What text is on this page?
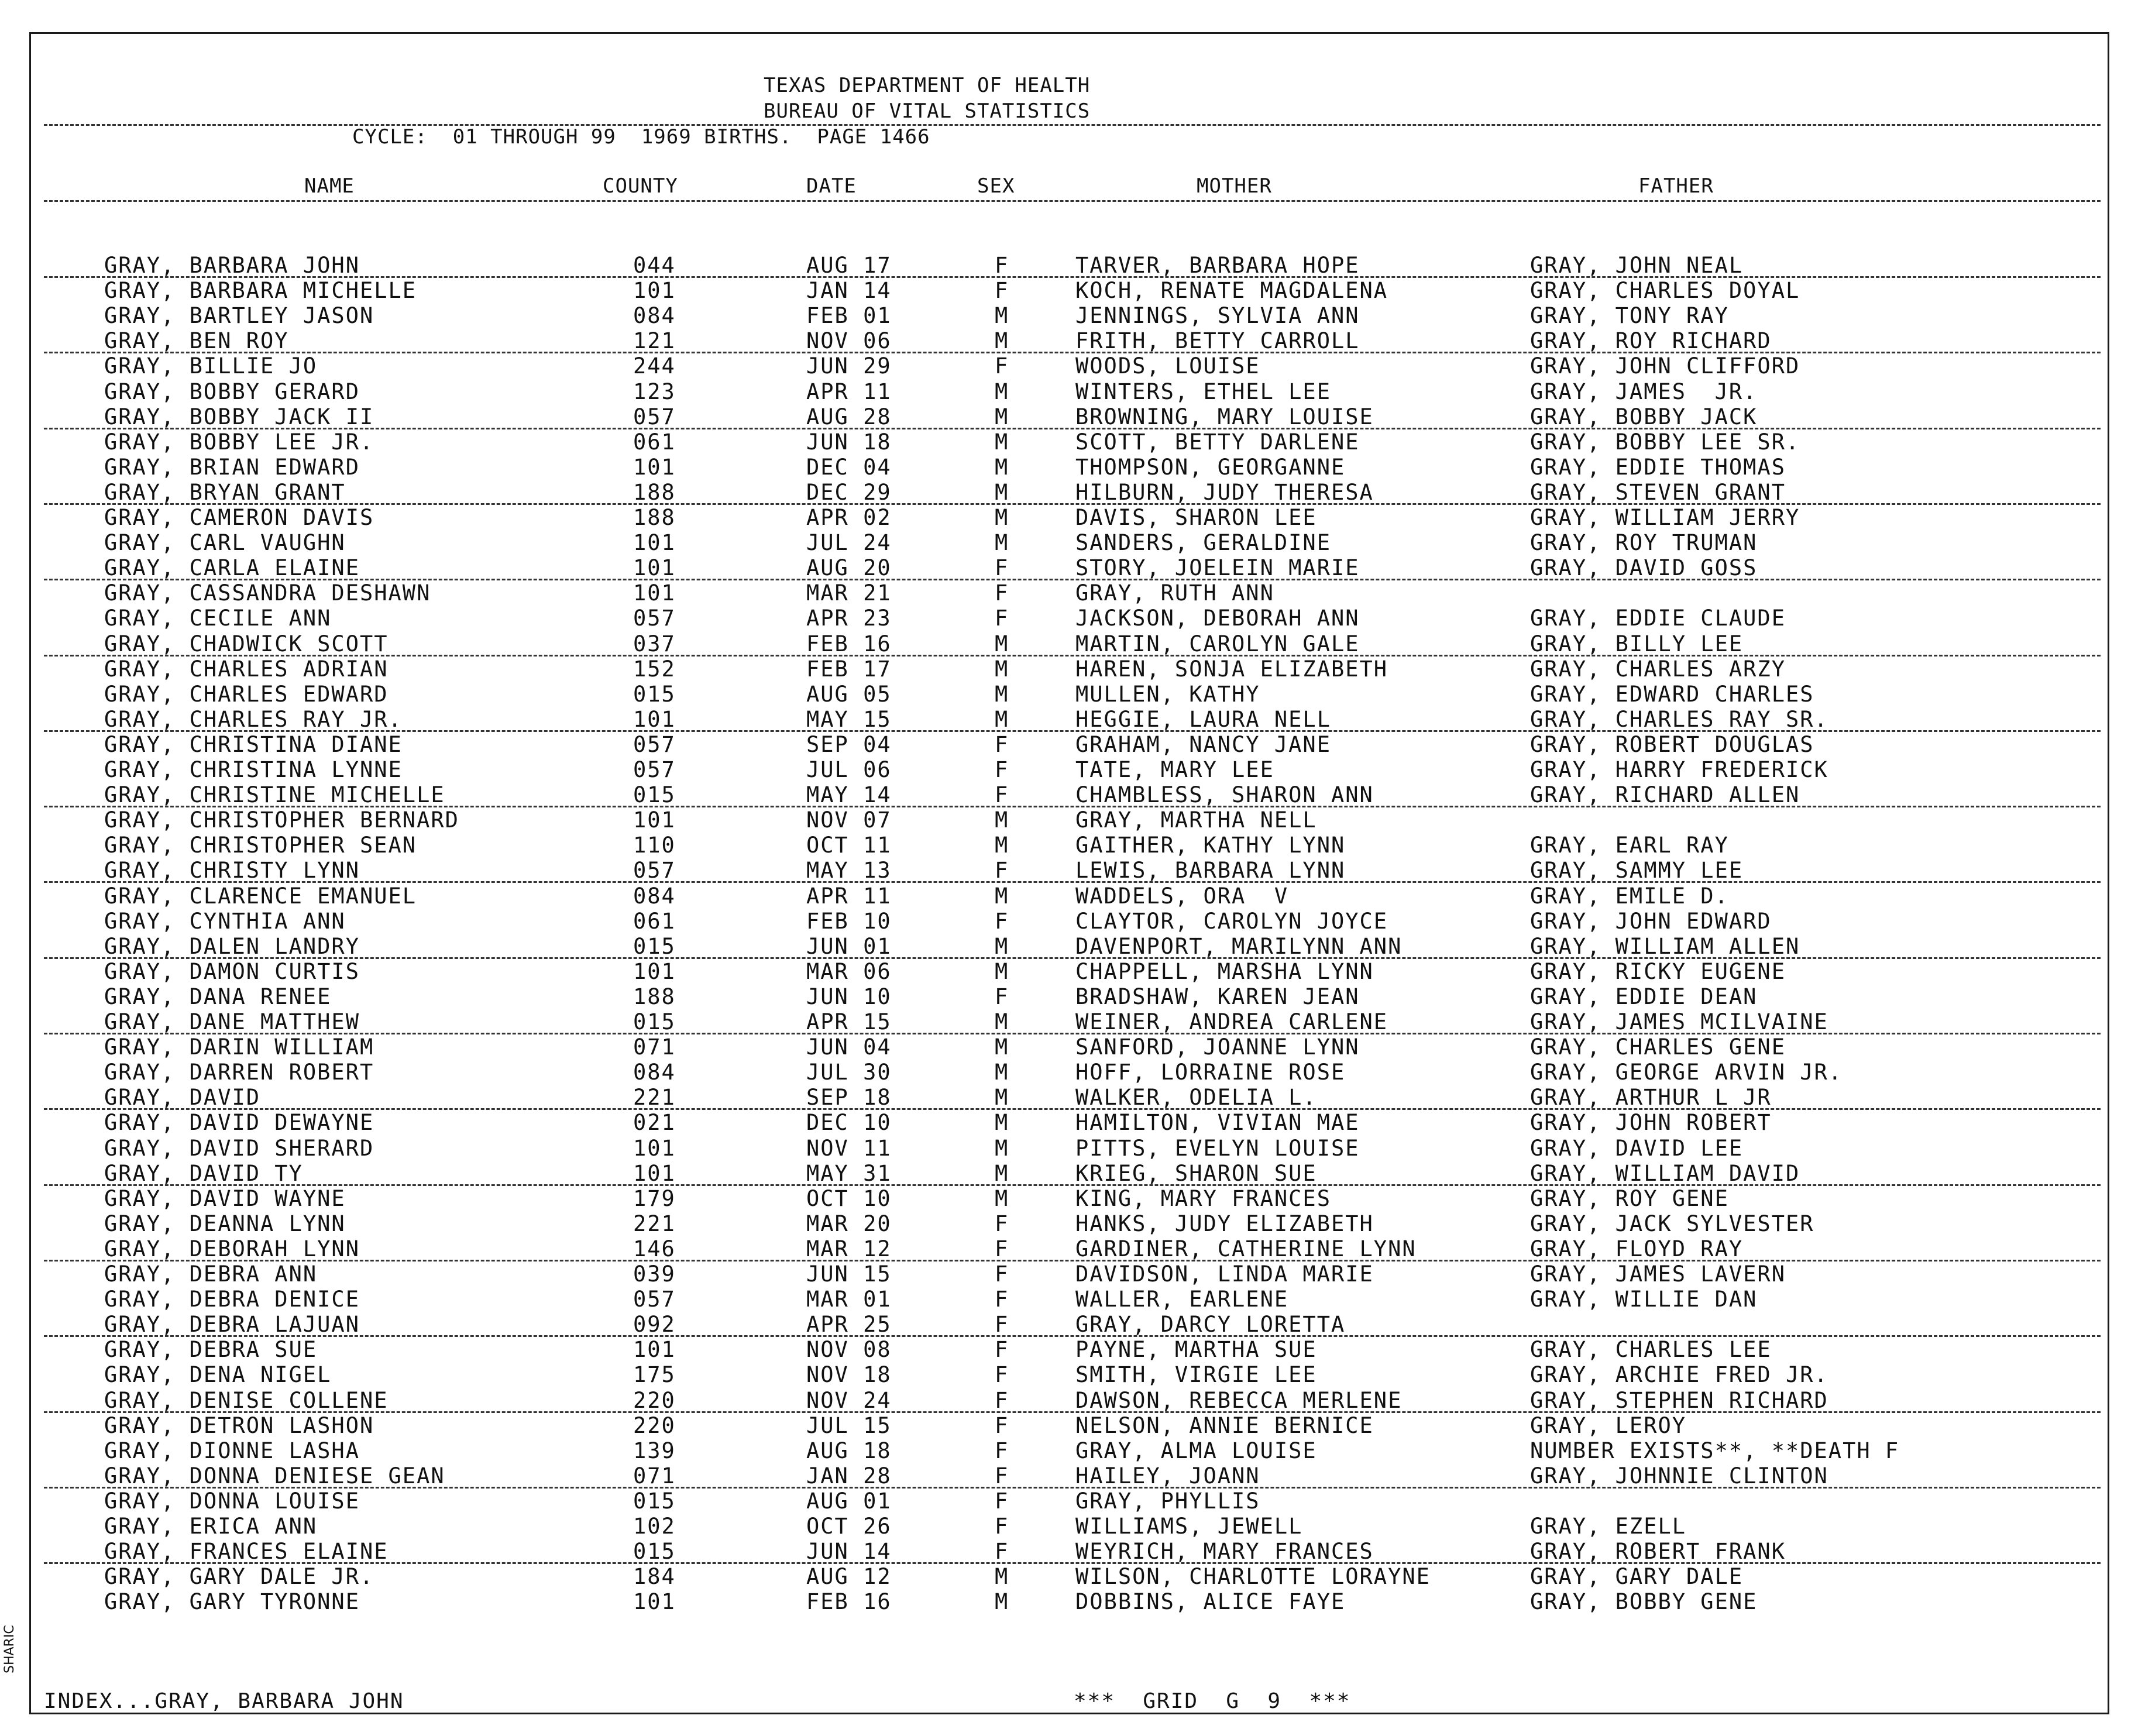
TEXAS DEPARTMENT OF HEALTH
BUREAU OF VITAL STATISTICS
CYCLE:  01 THROUGH 99  1969 BIRTHS.  PAGE 1466
NAME	COUNTY	DATE	SEX	MOTHER	FATHER
GRAY, BARBARA JOHN	044	AUG 17	F	TARVER, BARBARA HOPE	GRAY, JOHN NEAL
GRAY, BARBARA MICHELLE	101	JAN 14	F	KOCH, RENATE MAGDALENA	GRAY, CHARLES DOYAL
GRAY, BARTLEY JASON	084	FEB 01	M	JENNINGS, SYLVIA ANN	GRAY, TONY RAY
GRAY, BEN ROY	121	NOV 06	M	FRITH, BETTY CARROLL	GRAY, ROY RICHARD
GRAY, BILLIE JO	244	JUN 29	F	WOODS, LOUISE	GRAY, JOHN CLIFFORD
GRAY, BOBBY GERARD	123	APR 11	M	WINTERS, ETHEL LEE	GRAY, JAMES  JR.
GRAY, BOBBY JACK II	057	AUG 28	M	BROWNING, MARY LOUISE	GRAY, BOBBY JACK
GRAY, BOBBY LEE JR.	061	JUN 18	M	SCOTT, BETTY DARLENE	GRAY, BOBBY LEE SR.
GRAY, BRIAN EDWARD	101	DEC 04	M	THOMPSON, GEORGANNE	GRAY, EDDIE THOMAS
GRAY, BRYAN GRANT	188	DEC 29	M	HILBURN, JUDY THERESA	GRAY, STEVEN GRANT
GRAY, CAMERON DAVIS	188	APR 02	M	DAVIS, SHARON LEE	GRAY, WILLIAM JERRY
GRAY, CARL VAUGHN	101	JUL 24	M	SANDERS, GERALDINE	GRAY, ROY TRUMAN
GRAY, CARLA ELAINE	101	AUG 20	F	STORY, JOELEIN MARIE	GRAY, DAVID GOSS
GRAY, CASSANDRA DESHAWN	101	MAR 21	F	GRAY, RUTH ANN
GRAY, CECILE ANN	057	APR 23	F	JACKSON, DEBORAH ANN	GRAY, EDDIE CLAUDE
GRAY, CHADWICK SCOTT	037	FEB 16	M	MARTIN, CAROLYN GALE	GRAY, BILLY LEE
GRAY, CHARLES ADRIAN	152	FEB 17	M	HAREN, SONJA ELIZABETH	GRAY, CHARLES ARZY
GRAY, CHARLES EDWARD	015	AUG 05	M	MULLEN, KATHY	GRAY, EDWARD CHARLES
GRAY, CHARLES RAY JR.	101	MAY 15	M	HEGGIE, LAURA NELL	GRAY, CHARLES RAY SR.
GRAY, CHRISTINA DIANE	057	SEP 04	F	GRAHAM, NANCY JANE	GRAY, ROBERT DOUGLAS
GRAY, CHRISTINA LYNNE	057	JUL 06	F	TATE, MARY LEE	GRAY, HARRY FREDERICK
GRAY, CHRISTINE MICHELLE	015	MAY 14	F	CHAMBLESS, SHARON ANN	GRAY, RICHARD ALLEN
GRAY, CHRISTOPHER BERNARD	101	NOV 07	M	GRAY, MARTHA NELL
GRAY, CHRISTOPHER SEAN	110	OCT 11	M	GAITHER, KATHY LYNN	GRAY, EARL RAY
GRAY, CHRISTY LYNN	057	MAY 13	F	LEWIS, BARBARA LYNN	GRAY, SAMMY LEE
GRAY, CLARENCE EMANUEL	084	APR 11	M	WADDELS, ORA  V	GRAY, EMILE D.
GRAY, CYNTHIA ANN	061	FEB 10	F	CLAYTOR, CAROLYN JOYCE	GRAY, JOHN EDWARD
GRAY, DALEN LANDRY	015	JUN 01	M	DAVENPORT, MARILYNN ANN	GRAY, WILLIAM ALLEN
GRAY, DAMON CURTIS	101	MAR 06	M	CHAPPELL, MARSHA LYNN	GRAY, RICKY EUGENE
GRAY, DANA RENEE	188	JUN 10	F	BRADSHAW, KAREN JEAN	GRAY, EDDIE DEAN
GRAY, DANE MATTHEW	015	APR 15	M	WEINER, ANDREA CARLENE	GRAY, JAMES MCILVAINE
GRAY, DARIN WILLIAM	071	JUN 04	M	SANFORD, JOANNE LYNN	GRAY, CHARLES GENE
GRAY, DARREN ROBERT	084	JUL 30	M	HOFF, LORRAINE ROSE	GRAY, GEORGE ARVIN JR.
GRAY, DAVID	221	SEP 18	M	WALKER, ODELIA L.	GRAY, ARTHUR L JR
GRAY, DAVID DEWAYNE	021	DEC 10	M	HAMILTON, VIVIAN MAE	GRAY, JOHN ROBERT
GRAY, DAVID SHERARD	101	NOV 11	M	PITTS, EVELYN LOUISE	GRAY, DAVID LEE
GRAY, DAVID TY	101	MAY 31	M	KRIEG, SHARON SUE	GRAY, WILLIAM DAVID
GRAY, DAVID WAYNE	179	OCT 10	M	KING, MARY FRANCES	GRAY, ROY GENE
GRAY, DEANNA LYNN	221	MAR 20	F	HANKS, JUDY ELIZABETH	GRAY, JACK SYLVESTER
GRAY, DEBORAH LYNN	146	MAR 12	F	GARDINER, CATHERINE LYNN	GRAY, FLOYD RAY
GRAY, DEBRA ANN	039	JUN 15	F	DAVIDSON, LINDA MARIE	GRAY, JAMES LAVERN
GRAY, DEBRA DENICE	057	MAR 01	F	WALLER, EARLENE	GRAY, WILLIE DAN
GRAY, DEBRA LAJUAN	092	APR 25	F	GRAY, DARCY LORETTA
GRAY, DEBRA SUE	101	NOV 08	F	PAYNE, MARTHA SUE	GRAY, CHARLES LEE
GRAY, DENA NIGEL	175	NOV 18	F	SMITH, VIRGIE LEE	GRAY, ARCHIE FRED JR.
GRAY, DENISE COLLENE	220	NOV 24	F	DAWSON, REBECCA MERLENE	GRAY, STEPHEN RICHARD
GRAY, DETRON LASHON	220	JUL 15	F	NELSON, ANNIE BERNICE	GRAY, LEROY
GRAY, DIONNE LASHA	139	AUG 18	F	GRAY, ALMA LOUISE	NUMBER EXISTS**, **DEATH F
GRAY, DONNA DENIESE GEAN	071	JAN 28	F	HAILEY, JOANN	GRAY, JOHNNIE CLINTON
GRAY, DONNA LOUISE	015	AUG 01	F	GRAY, PHYLLIS
GRAY, ERICA ANN	102	OCT 26	F	WILLIAMS, JEWELL	GRAY, EZELL
GRAY, FRANCES ELAINE	015	JUN 14	F	WEYRICH, MARY FRANCES	GRAY, ROBERT FRANK
GRAY, GARY DALE JR.	184	AUG 12	M	WILSON, CHARLOTTE LORAYNE	GRAY, GARY DALE
GRAY, GARY TYRONNE	101	FEB 16	M	DOBBINS, ALICE FAYE	GRAY, BOBBY GENE
INDEX...GRAY, BARBARA JOHN	***  GRID  G  9  ***
SHARIC
